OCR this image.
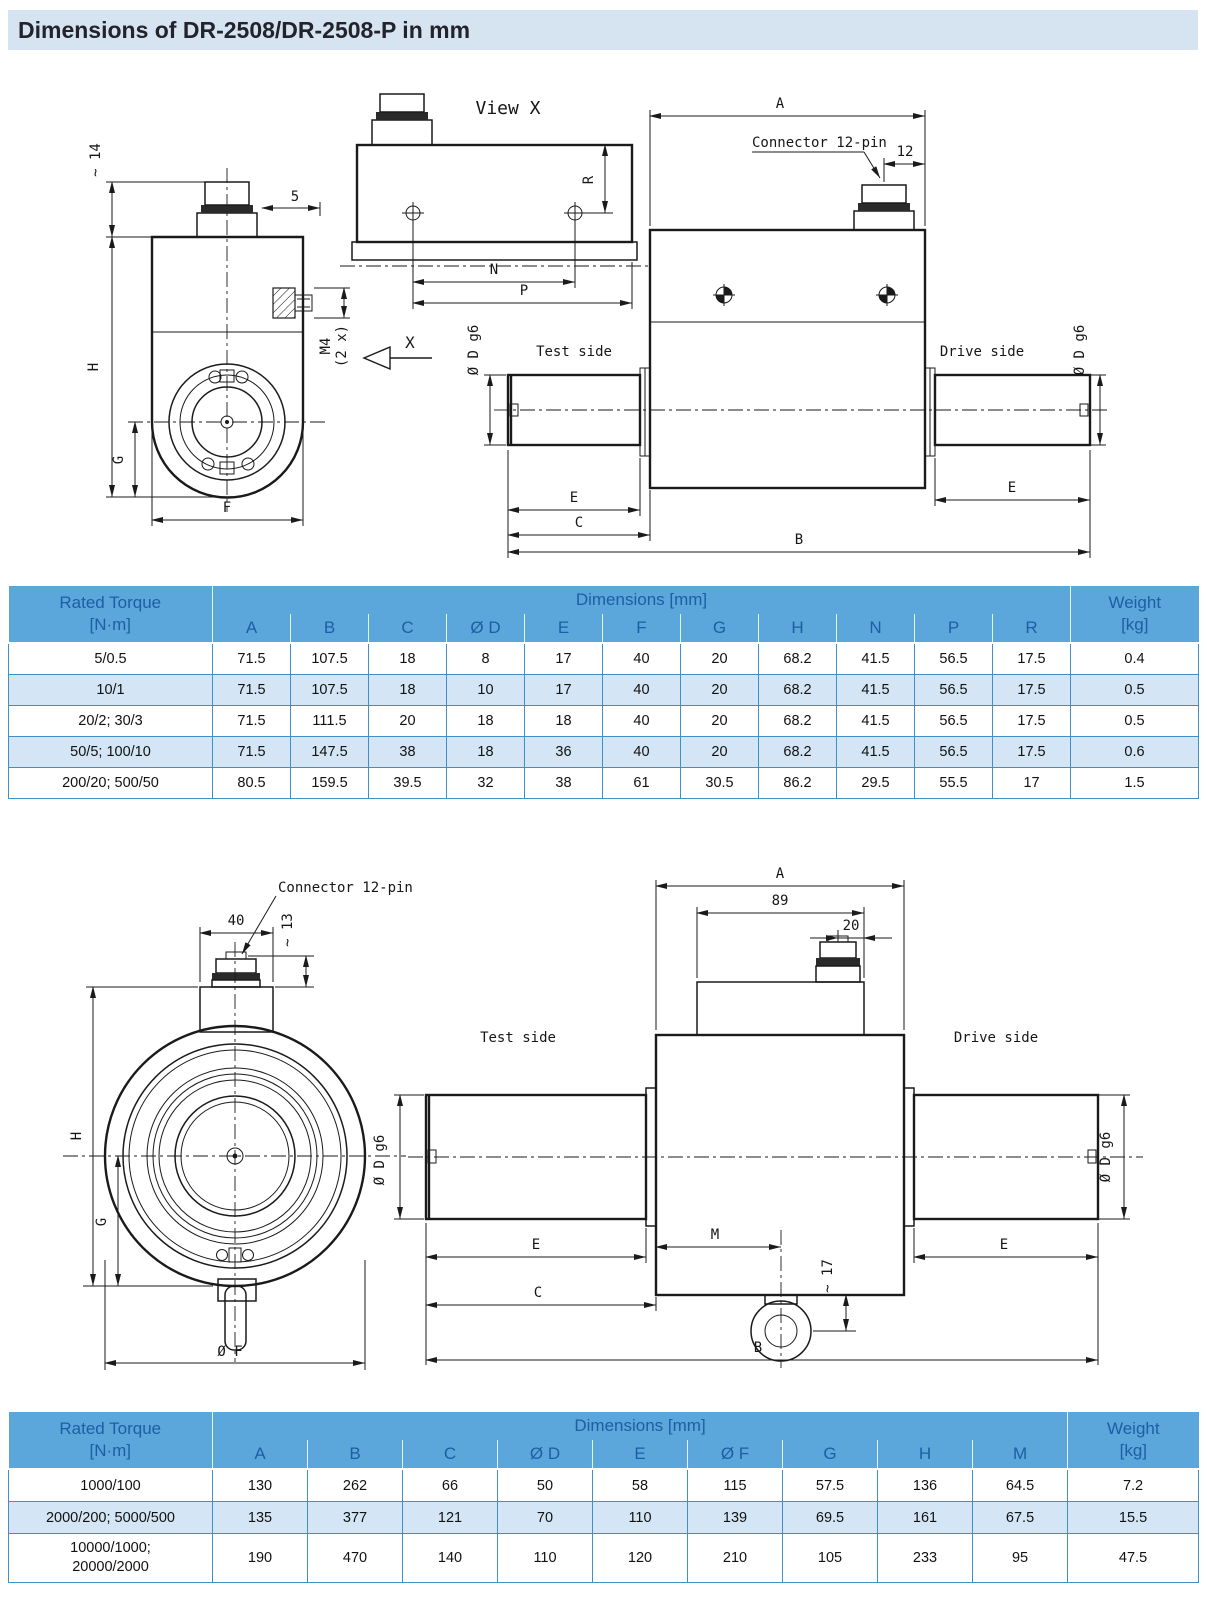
Dimensions of DR-2508/DR-2508-P in mm
~ 14
5
H
G
F
M4 (2 x)
View X
R
N
P
X
A
Connector 12-pin
12
Test side	Drive side
Ø D g6	Ø D g6
E
C
E
B
Rated Torque
[N·m]	Dimensions [mm]											Weight
[kg]

	A	B	C	Ø D	E	F	G	H	N	P	R	
5/0.5	71.5	107.5	18	8	17	40	20	68.2	41.5	56.5	17.5	0.4
10/1	71.5	107.5	18	10	17	40	20	68.2	41.5	56.5	17.5	0.5
20/2; 30/3	71.5	111.5	20	18	18	40	20	68.2	41.5	56.5	17.5	0.5
50/5; 100/10	71.5	147.5	38	18	36	40	20	68.2	41.5	56.5	17.5	0.6
200/20; 500/50	80.5	159.5	39.5	32	38	61	30.5	86.2	29.5	55.5	17	1.5
Connector 12-pin
40	~ 13
H
G
Ø F
A
89
20
Test side	Drive side
Ø D g6	Ø D g6
E
M
~ 17
C
E
B
Rated Torque
[N·m]	Dimensions [mm]									Weight
[kg]

	A	B	C	Ø D	E	Ø F	G	H	M	
1000/100	130	262	66	50	58	115	57.5	136	64.5	7.2
2000/200; 5000/500	135	377	121	70	110	139	69.5	161	67.5	15.5

10000/1000;
20000/2000	190	470	140	110	120	210	105	233	95	47.5
